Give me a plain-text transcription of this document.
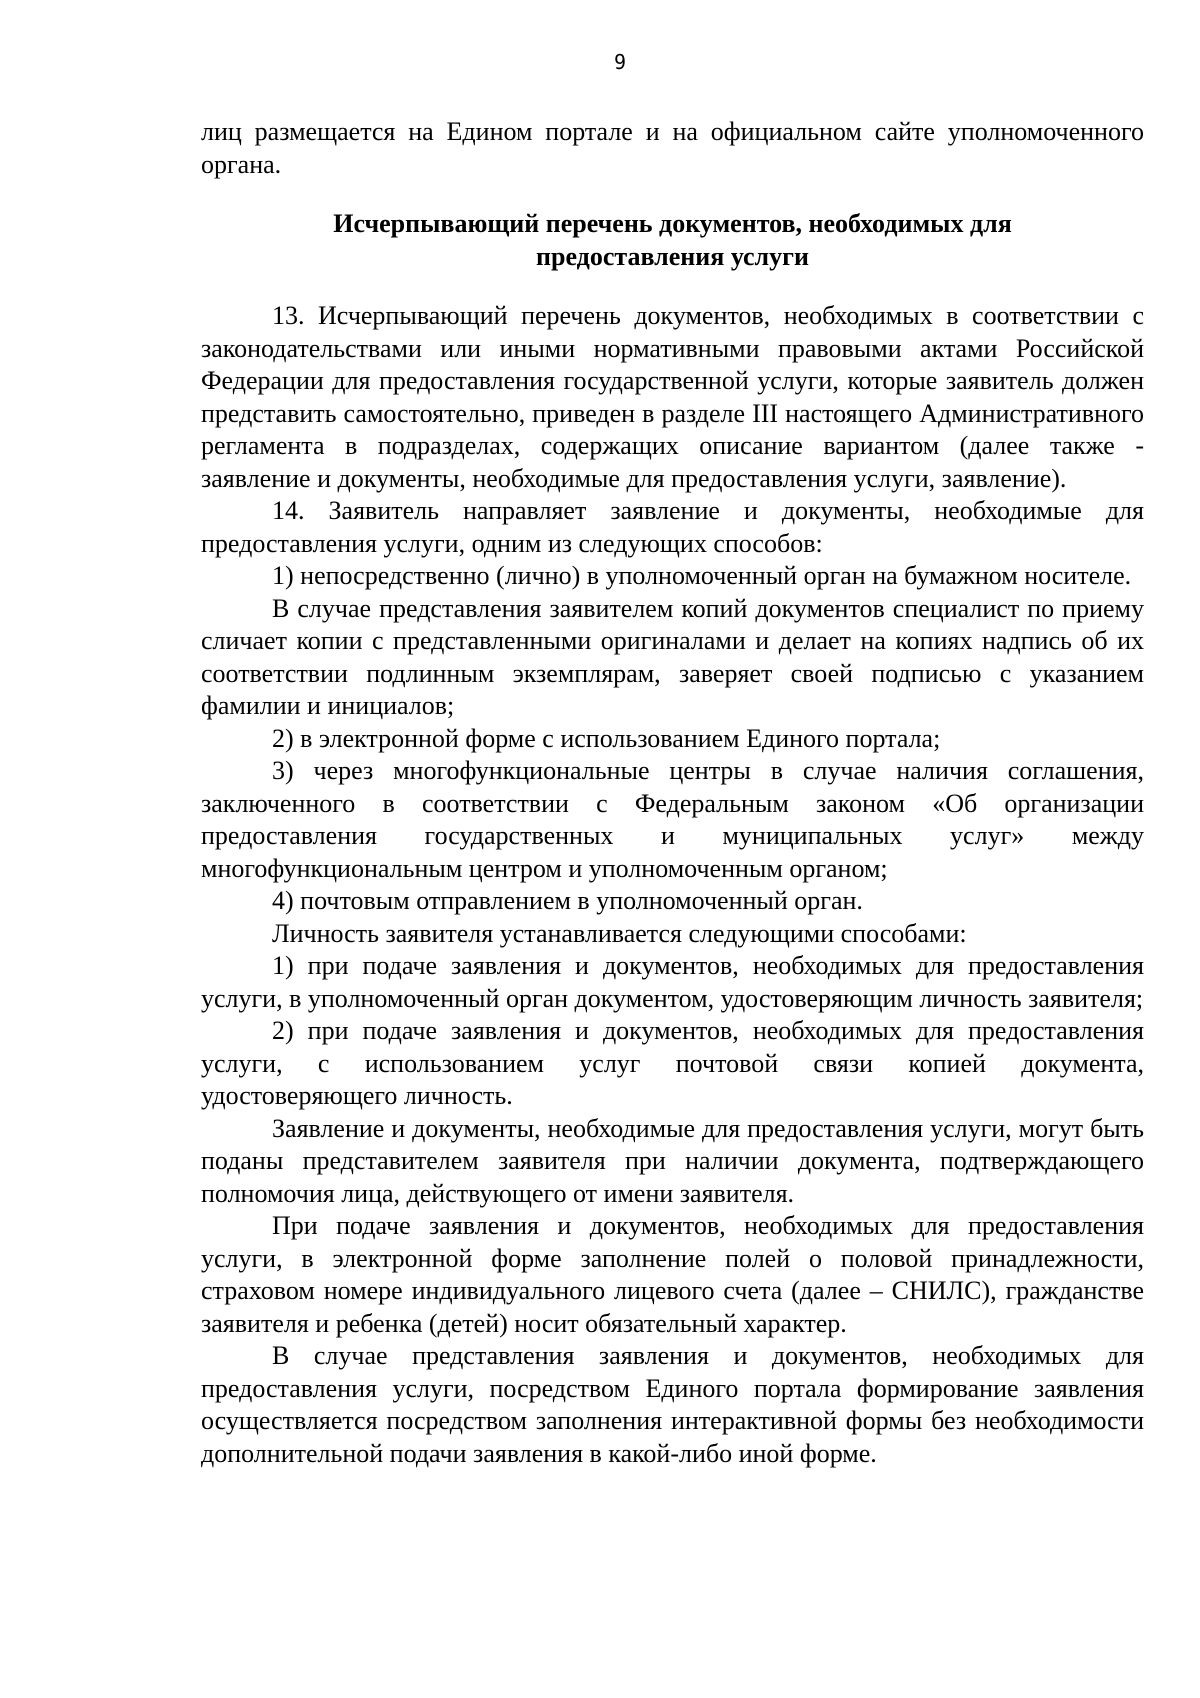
9

лиц размещается на Едином портале и на официальном сайте уполномоченного органа.

Исчерпывающий перечень документов, необходимых для
предоставления услуги

13. Исчерпывающий перечень документов, необходимых в соответствии с законодательствами или иными нормативными правовыми актами Российской Федерации для предоставления государственной услуги, которые заявитель должен представить самостоятельно, приведен в разделе III настоящего Административного регламента в подразделах, содержащих описание вариантом (далее также - заявление и документы, необходимые для предоставления услуги, заявление).

14. Заявитель направляет заявление и документы, необходимые для предоставления услуги, одним из следующих способов:

1) непосредственно (лично) в уполномоченный орган на бумажном носителе.

В случае представления заявителем копий документов специалист по приему сличает копии с представленными оригиналами и делает на копиях надпись об их соответствии подлинным экземплярам, заверяет своей подписью с указанием фамилии и инициалов;

2) в электронной форме с использованием Единого портала;

3) через многофункциональные центры в случае наличия соглашения, заключенного в соответствии с Федеральным законом «Об организации предоставления государственных и муниципальных услуг» между многофункциональным центром и уполномоченным органом;

4) почтовым отправлением в уполномоченный орган.

Личность заявителя устанавливается следующими способами:

1) при подаче заявления и документов, необходимых для предоставления услуги, в уполномоченный орган документом, удостоверяющим личность заявителя;

2) при подаче заявления и документов, необходимых для предоставления услуги, с использованием услуг почтовой связи копией документа, удостоверяющего личность.

Заявление и документы, необходимые для предоставления услуги, могут быть поданы представителем заявителя при наличии документа, подтверждающего полномочия лица, действующего от имени заявителя.

При подаче заявления и документов, необходимых для предоставления услуги, в электронной форме заполнение полей о половой принадлежности, страховом номере индивидуального лицевого счета (далее – СНИЛС), гражданстве заявителя и ребенка (детей) носит обязательный характер.

В случае представления заявления и документов, необходимых для предоставления услуги, посредством Единого портала формирование заявления осуществляется посредством заполнения интерактивной формы без необходимости дополнительной подачи заявления в какой-либо иной форме.
